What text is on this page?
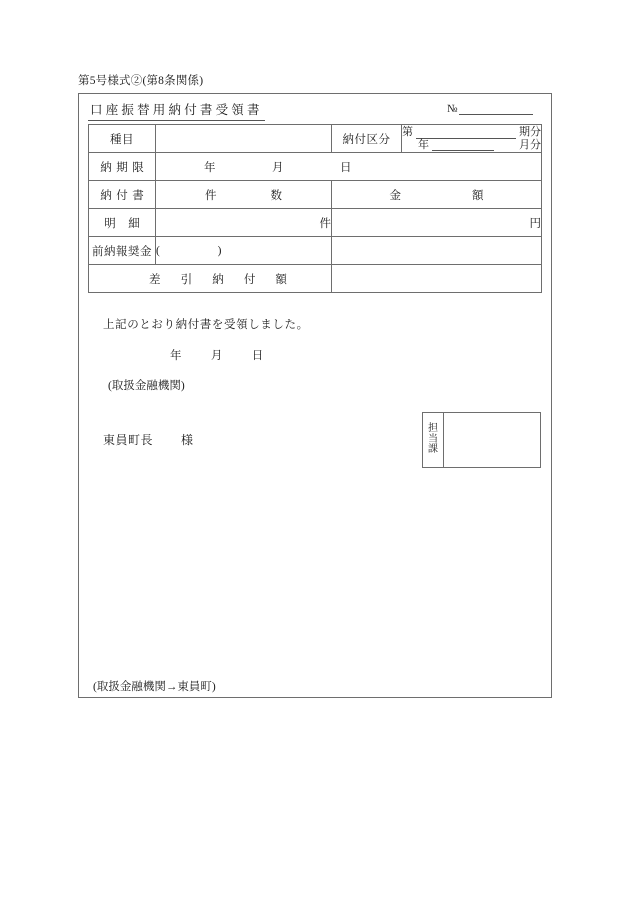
第5号様式②(第8条関係)
口座振替用納付書受領書	№
種目		納付区分	第 期分
年 月分

納 期 限	年 月 日		

納 付 書	件 数	金 額	

明 細	件	円	
前納報奨金	( )		

差 引 納 付 額			

上記のとおり納付書を受領しました。
年	月	日
(取扱金融機関)
東員町長 様
担
当
課
(取扱金融機関→東員町)
